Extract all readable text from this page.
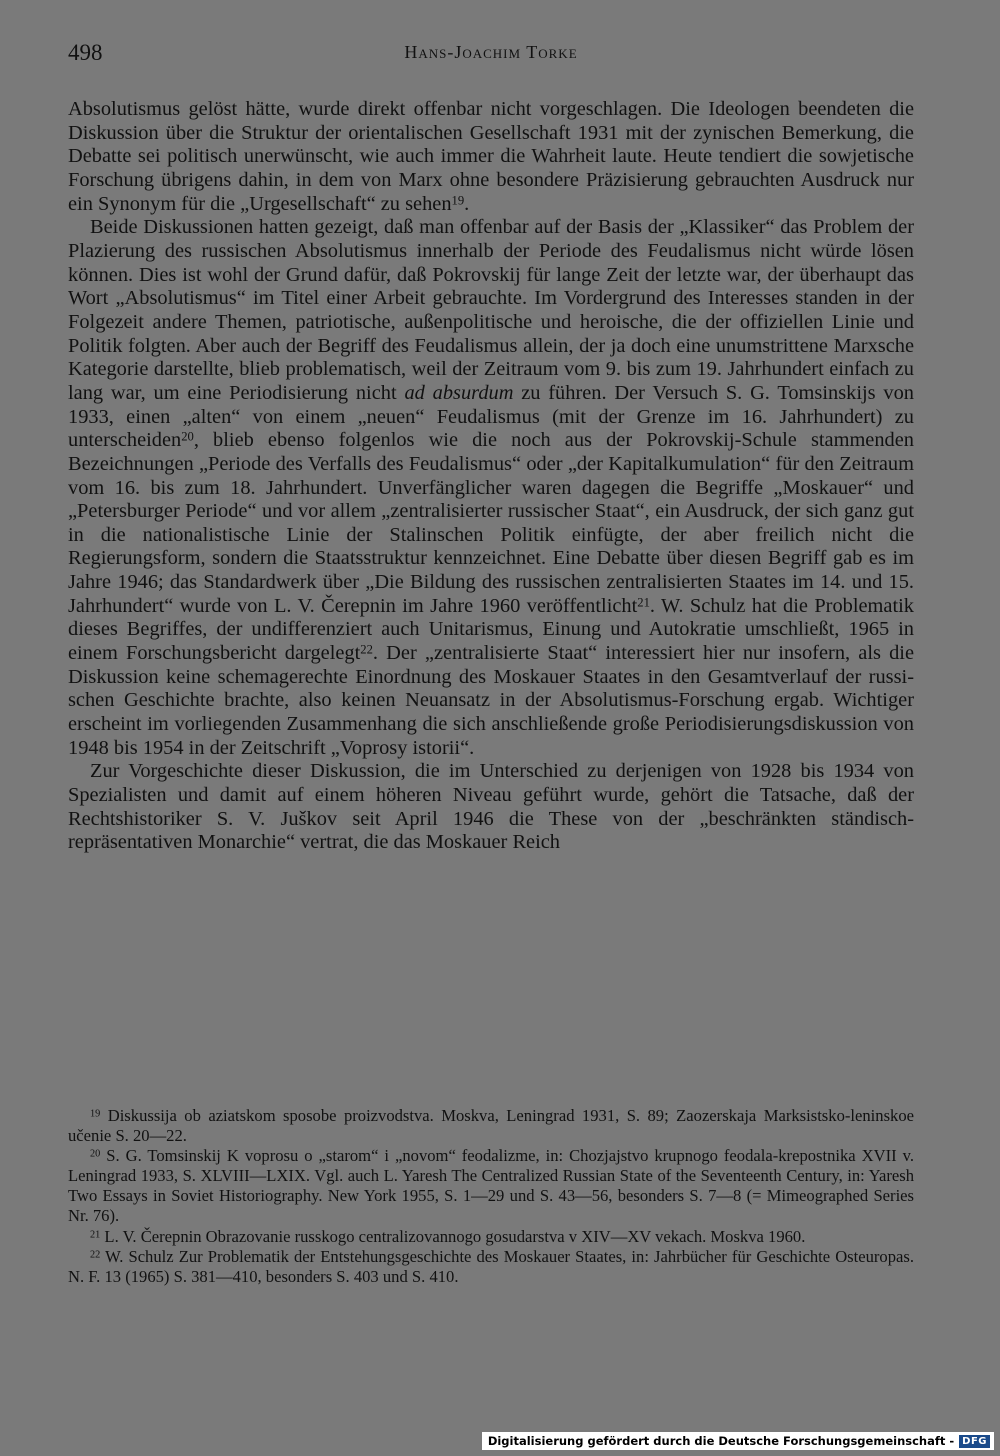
498	Hans-Joachim Torke

Absolutismus gelöst hätte, wurde direkt offenbar nicht vorgeschlagen. Die Ideologen beendeten die Diskussion über die Struktur der orientalischen Gesellschaft 1931 mit der zynischen Bemerkung, die Debatte sei politisch unerwünscht, wie auch immer die Wahrheit laute. Heute tendiert die sowjetische Forschung übrigens dahin, in dem von Marx ohne besondere Präzisierung gebrauchten Ausdruck nur ein Synonym für die „Urgesellschaft“ zu sehen$^{19}$.

Beide Diskussionen hatten gezeigt, daß man offenbar auf der Basis der „Klassiker“ das Problem der Plazierung des russischen Absolutismus innerhalb der Periode des Feudalismus nicht würde lösen können. Dies ist wohl der Grund dafür, daß Pokrovskij für lange Zeit der letzte war, der überhaupt das Wort „Absolutismus“ im Titel einer Arbeit gebrauchte. Im Vordergrund des Interesses standen in der Folgezeit andere Themen, patriotische, außenpolitische und heroische, die der offiziellen Linie und Politik folgten. Aber auch der Begriff des Feudalismus allein, der ja doch eine unumstrittene Marxsche Kategorie darstellte, blieb problematisch, weil der Zeitraum vom 9. bis zum 19. Jahrhundert einfach zu lang war, um eine Periodisierung nicht ad absurdum zu führen. Der Versuch S. G. Tomsinskijs von 1933, einen „alten“ von einem „neuen“ Feudalismus (mit der Grenze im 16. Jahrhundert) zu unterscheiden$^{20}$, blieb ebenso folgenlos wie die noch aus der Pokrovskij-Schule stammenden Bezeichnungen „Periode des Verfalls des Feudalismus“ oder „der Kapitalkumulation“ für den Zeitraum vom 16. bis zum 18. Jahrhundert. Unverfänglicher waren dagegen die Begriffe „Moskauer“ und „Petersburger Periode“ und vor allem „zentralisierter russischer Staat“, ein Ausdruck, der sich ganz gut in die nationalistische Linie der Stalinschen Politik einfügte, der aber freilich nicht die Regierungsform, sondern die Staatsstruktur kennzeichnet. Eine Debatte über diesen Begriff gab es im Jahre 1946; das Standardwerk über „Die Bildung des russischen zentralisierten Staates im 14. und 15. Jahrhundert“ wurde von L. V. Čerepnin im Jahre 1960 veröffentlicht$^{21}$. W. Schulz hat die Problematik dieses Begriffes, der undifferenziert auch Unitarismus, Einung und Autokratie umschließt, 1965 in einem Forschungsbericht dargelegt$^{22}$. Der „zentralisierte Staat“ interessiert hier nur insofern, als die Diskussion keine schemagerechte Einordnung des Moskauer Staates in den Gesamtverlauf der russischen Geschichte brachte, also keinen Neuansatz in der Absolutismus-Forschung ergab. Wichtiger erscheint im vorliegenden Zusammenhang die sich anschließende große Periodisierungsdiskussion von 1948 bis 1954 in der Zeitschrift „Voprosy istorii“.

Zur Vorgeschichte dieser Diskussion, die im Unterschied zu derjenigen von 1928 bis 1934 von Spezialisten und damit auf einem höheren Niveau geführt wurde, gehört die Tatsache, daß der Rechtshistoriker S. V. Juškov seit April 1946 die These von der „beschränkten ständisch-repräsentativen Monarchie“ vertrat, die das Moskauer Reich

$^{19}$ Diskussija ob aziatskom sposobe proizvodstva. Moskva, Leningrad 1931, S. 89; Zaozerskaja Marksistsko-leninskoe učenie S. 20—22.

$^{20}$ S. G. Tomsinskij K voprosu o „starom“ i „novom“ feodalizme, in: Chozjajstvo krupnogo feodala-krepostnika XVII v. Leningrad 1933, S. XLVIII—LXIX. Vgl. auch L. Yaresh The Centralized Russian State of the Seventeenth Century, in: Yaresh Two Essays in Soviet Historiography. New York 1955, S. 1—29 und S. 43—56, besonders S. 7—8 (= Mimeographed Series Nr. 76).

$^{21}$ L. V. Čerepnin Obrazovanie russkogo centralizovannogo gosudarstva v XIV—XV vekach. Moskva 1960.

$^{22}$ W. Schulz Zur Problematik der Entstehungsgeschichte des Moskauer Staates, in: Jahrbücher für Geschichte Osteuropas. N. F. 13 (1965) S. 381—410, besonders S. 403 und S. 410.

Digitalisierung gefördert durch die Deutsche Forschungsgemeinschaft - DFG
